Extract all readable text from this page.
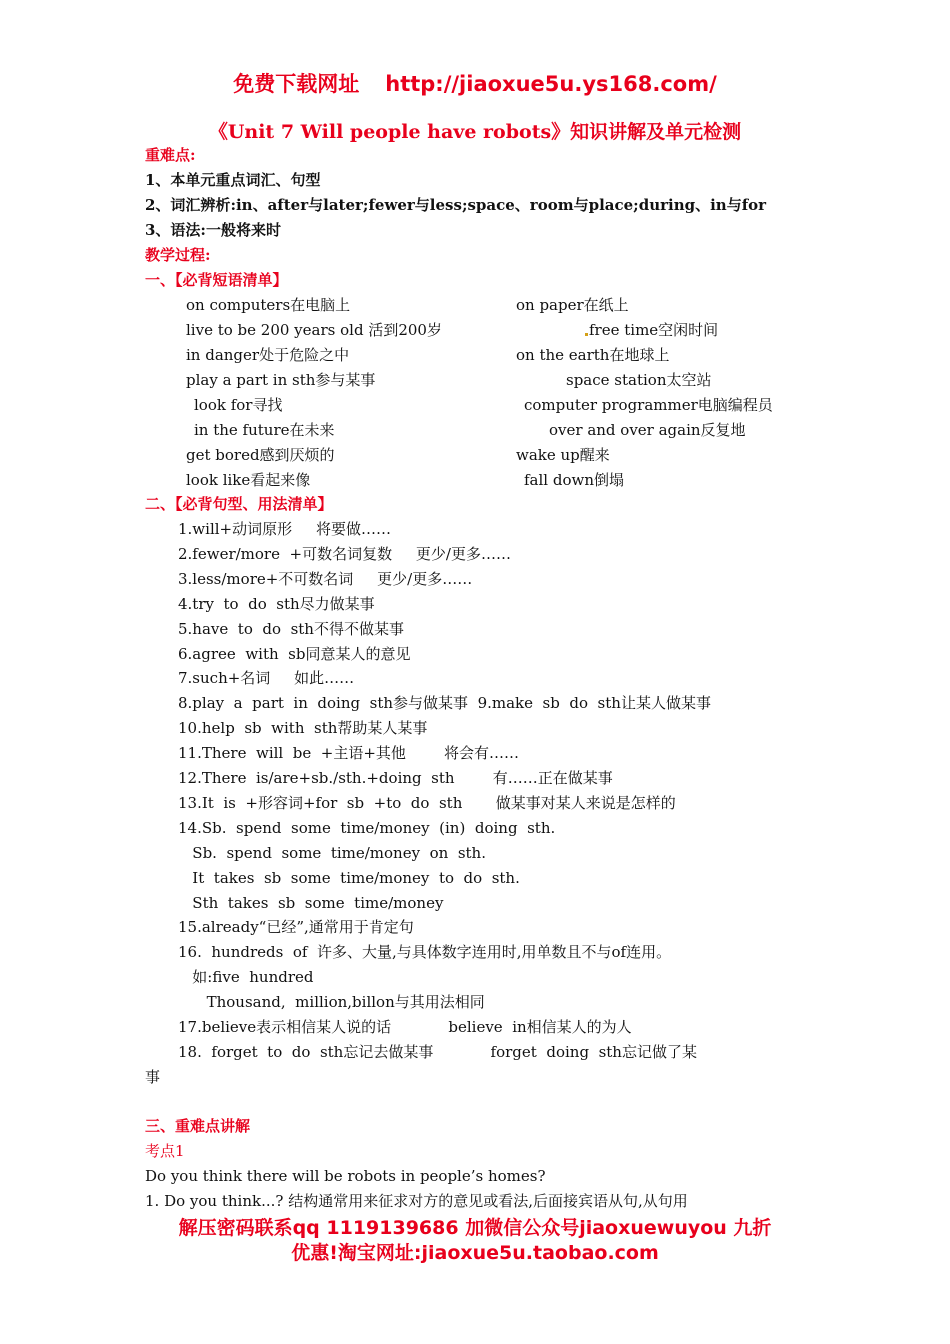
免费下载网址 http://jiaoxue5u.ys168.com/
《Unit 7 Will people have robots》知识讲解及单元检测
重难点:
1、本单元重点词汇、句型
2、词汇辨析:in、after与later;fewer与less;space、room与place;during、in与for
3、语法:一般将来时
教学过程:
一、【必背短语清单】
on computers在电脑上	on paper在纸上
live to be 200 years old 活到200岁	free time空闲时间
in danger处于危险之中	on the earth在地球上
play a part in sth参与某事	space station太空站
look for寻找	computer programmer电脑编程员
in the future在未来	over and over again反复地
get bored感到厌烦的	wake up醒来
look like看起来像	fall down倒塌
二、【必背句型、用法清单】
1.will+动词原形     将要做……
2.fewer/more  +可数名词复数     更少/更多……
3.less/more+不可数名词     更少/更多……
4.try  to  do  sth尽力做某事
5.have  to  do  sth不得不做某事
6.agree  with  sb同意某人的意见
7.such+名词     如此……
8.play  a  part  in  doing  sth参与做某事  9.make  sb  do  sth让某人做某事
10.help  sb  with  sth帮助某人某事
11.There  will  be  +主语+其他        将会有……
12.There  is/are+sb./sth.+doing  sth        有……正在做某事
13.It  is  +形容词+for  sb  +to  do  sth       做某事对某人来说是怎样的
14.Sb.  spend  some  time/money  (in)  doing  sth.
Sb.  spend  some  time/money  on  sth.
It  takes  sb  some  time/money  to  do  sth.
Sth  takes  sb  some  time/money
15.already“已经”,通常用于肯定句
16.  hundreds  of  许多、大量,与具体数字连用时,用单数且不与of连用。
如:five  hundred
Thousand,  million,billon与其用法相同
17.believe表示相信某人说的话            believe  in相信某人的为人
18.  forget  to  do  sth忘记去做某事            forget  doing  sth忘记做了某
事
三、重难点讲解
考点1
Do you think there will be robots in people’s homes?
1. Do you think...? 结构通常用来征求对方的意见或看法,后面接宾语从句,从句用
解压密码联系qq 1119139686 加微信公众号jiaoxuewuyou 九折
优惠!淘宝网址:jiaoxue5u.taobao.com
